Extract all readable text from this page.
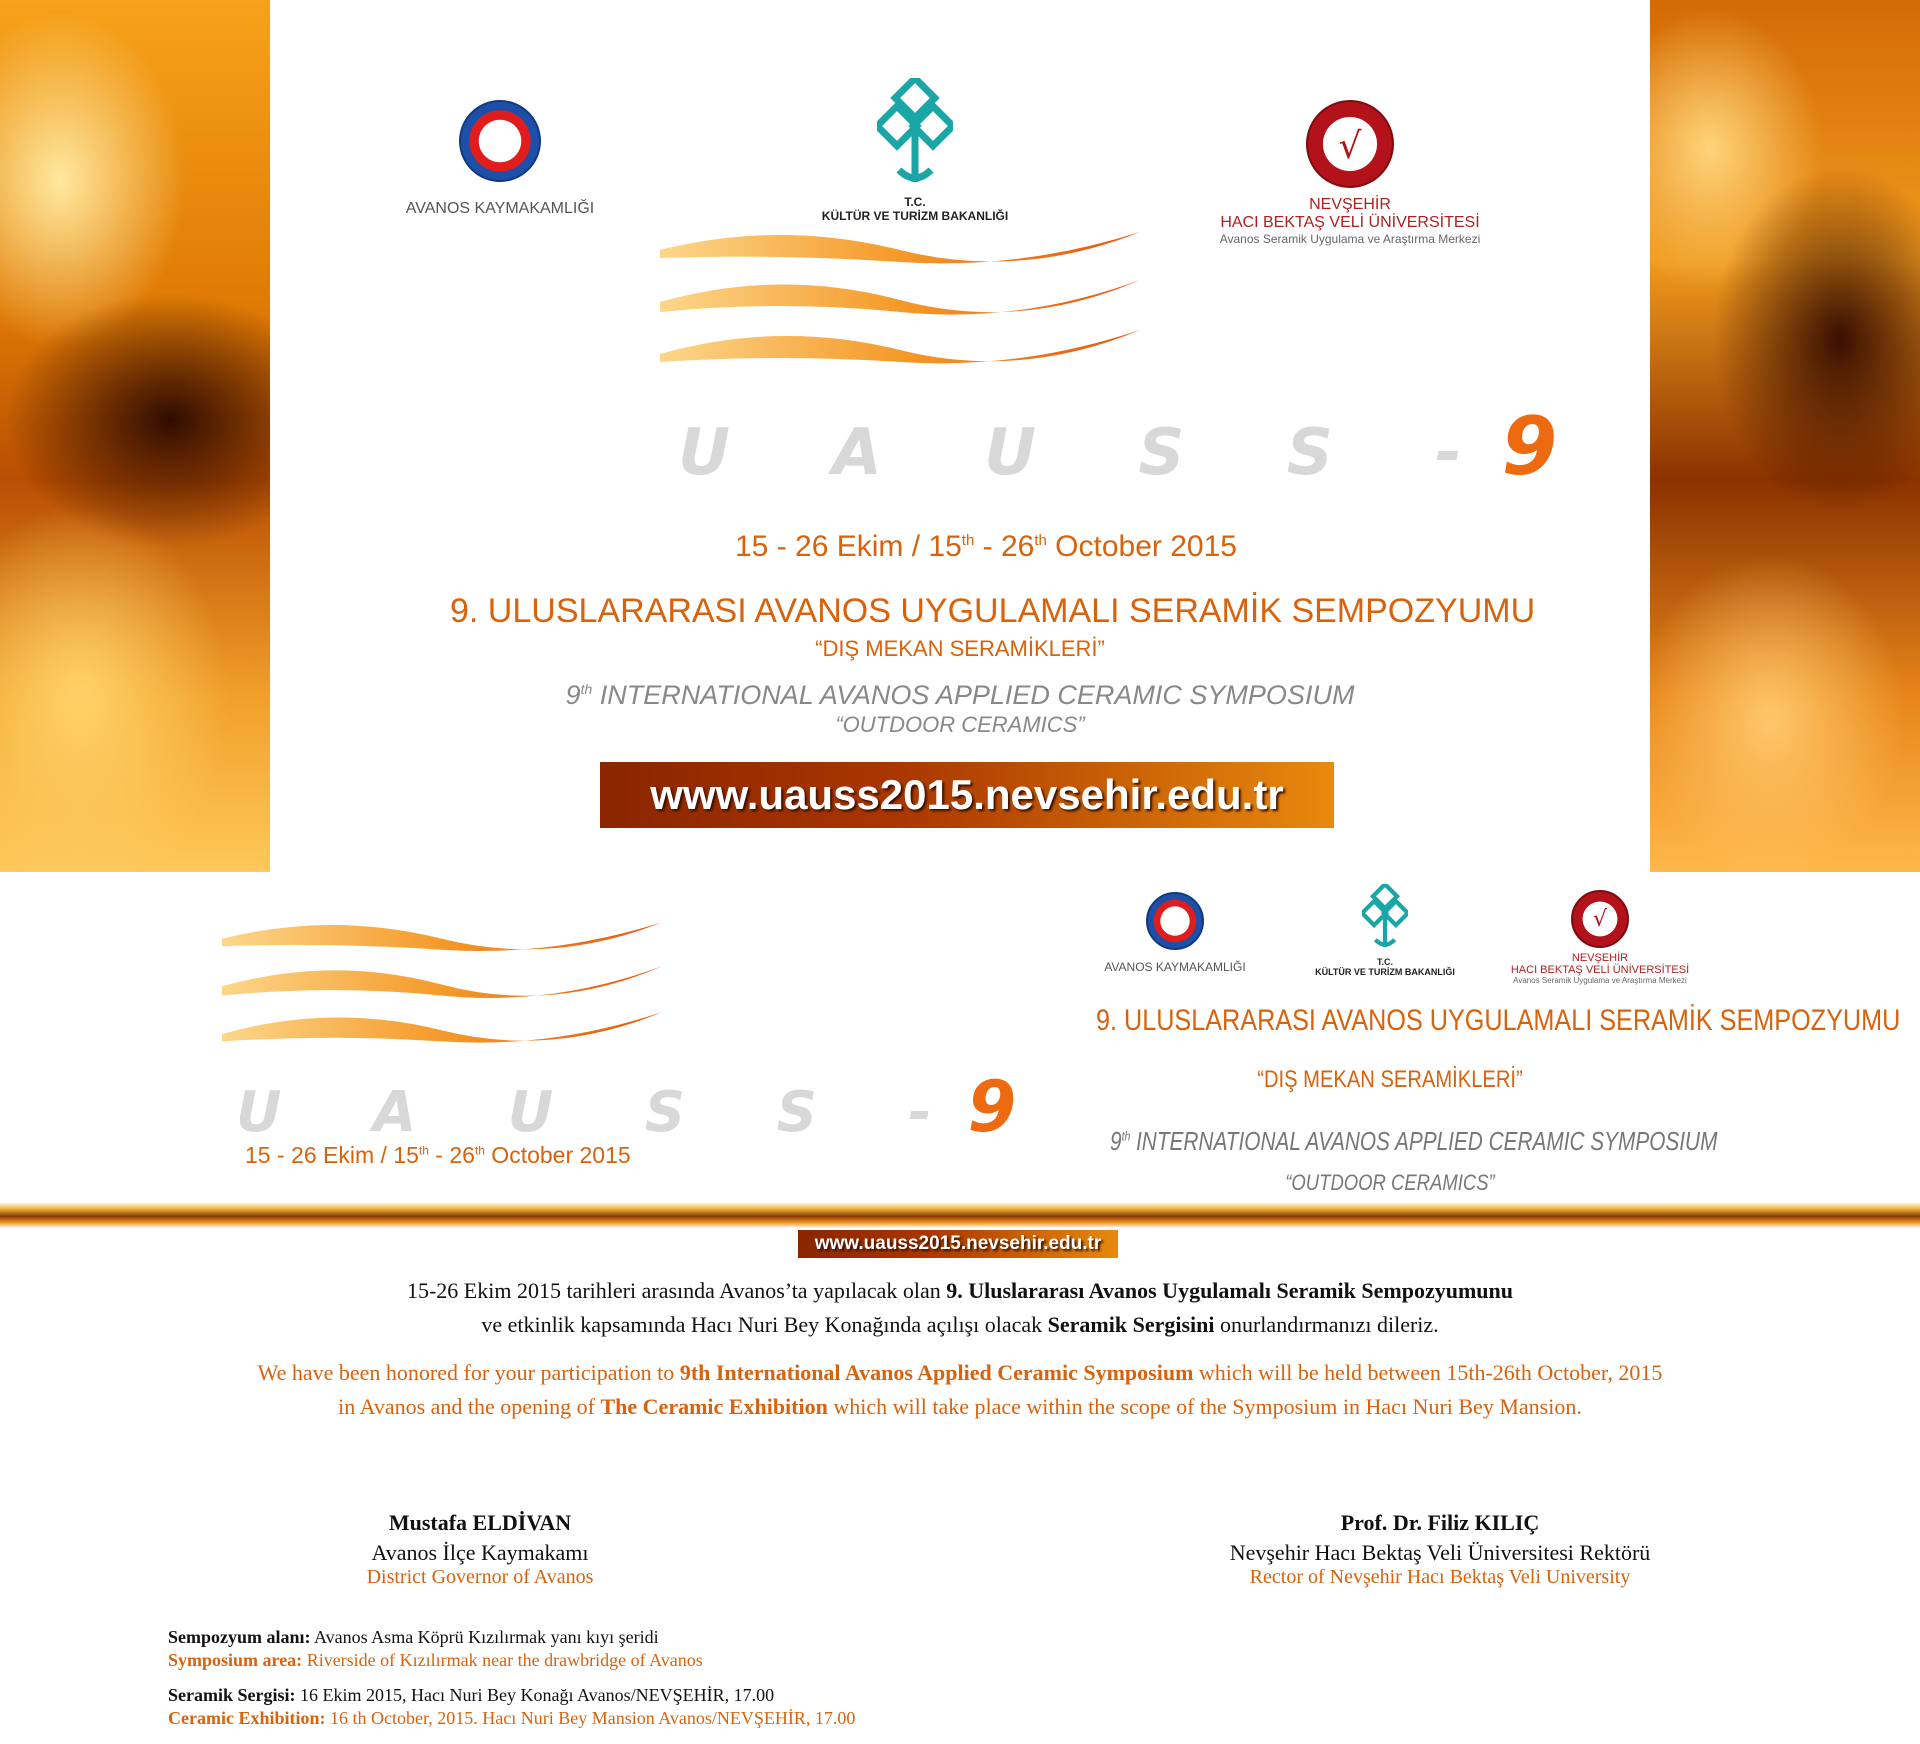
AVANOS KAYMAKAMLIĞI	T.C.
KÜLTÜR VE TURİZM BAKANLIĞI
√
NEVŞEHİR
HACI BEKTAŞ VELİ ÜNİVERSİTESİ
Avanos Seramik Uygulama ve Araştırma Merkezi
U A U S S -9
15 - 26 Ekim / 15th - 26th October 2015
9. ULUSLARARASI AVANOS UYGULAMALI SERAMİK SEMPOZYUMU
“DIŞ MEKAN SERAMİKLERİ”
9th INTERNATIONAL AVANOS APPLIED CERAMIC SYMPOSIUM
“OUTDOOR CERAMICS”
www.uauss2015.nevsehir.edu.tr
U A U S S -9
15 - 26 Ekim / 15th - 26th October 2015
AVANOS KAYMAKAMLIĞI	T.C.
KÜLTÜR VE TURİZM BAKANLIĞI
√
NEVŞEHİR
HACI BEKTAŞ VELİ ÜNİVERSİTESİ
Avanos Seramik Uygulama ve Araştırma Merkezi
9. ULUSLARARASI AVANOS UYGULAMALI SERAMİK SEMPOZYUMU
“DIŞ MEKAN SERAMİKLERİ”
9th INTERNATIONAL AVANOS APPLIED CERAMIC SYMPOSIUM
“OUTDOOR CERAMICS”
www.uauss2015.nevsehir.edu.tr
15-26 Ekim 2015 tarihleri arasında Avanos’ta yapılacak olan 9. Uluslararası Avanos Uygulamalı Seramik Sempozyumunu
ve etkinlik kapsamında Hacı Nuri Bey Konağında açılışı olacak Seramik Sergisini onurlandırmanızı dileriz.
We have been honored for your participation to 9th International Avanos Applied Ceramic Symposium which will be held between 15th-26th October, 2015
in Avanos and the opening of The Ceramic Exhibition which will take place within the scope of the Symposium in Hacı Nuri Bey Mansion.
Mustafa ELDİVAN
Avanos İlçe Kaymakamı
District Governor of Avanos
Prof. Dr. Filiz KILIÇ
Nevşehir Hacı Bektaş Veli Üniversitesi Rektörü
Rector of Nevşehir Hacı Bektaş Veli University
Sempozyum alanı: Avanos Asma Köprü Kızılırmak yanı kıyı şeridi
Symposium area: Riverside of Kızılırmak near the drawbridge of Avanos
Seramik Sergisi: 16 Ekim 2015, Hacı Nuri Bey Konağı Avanos/NEVŞEHİR, 17.00
Ceramic Exhibition: 16 th October, 2015. Hacı Nuri Bey Mansion Avanos/NEVŞEHİR, 17.00
